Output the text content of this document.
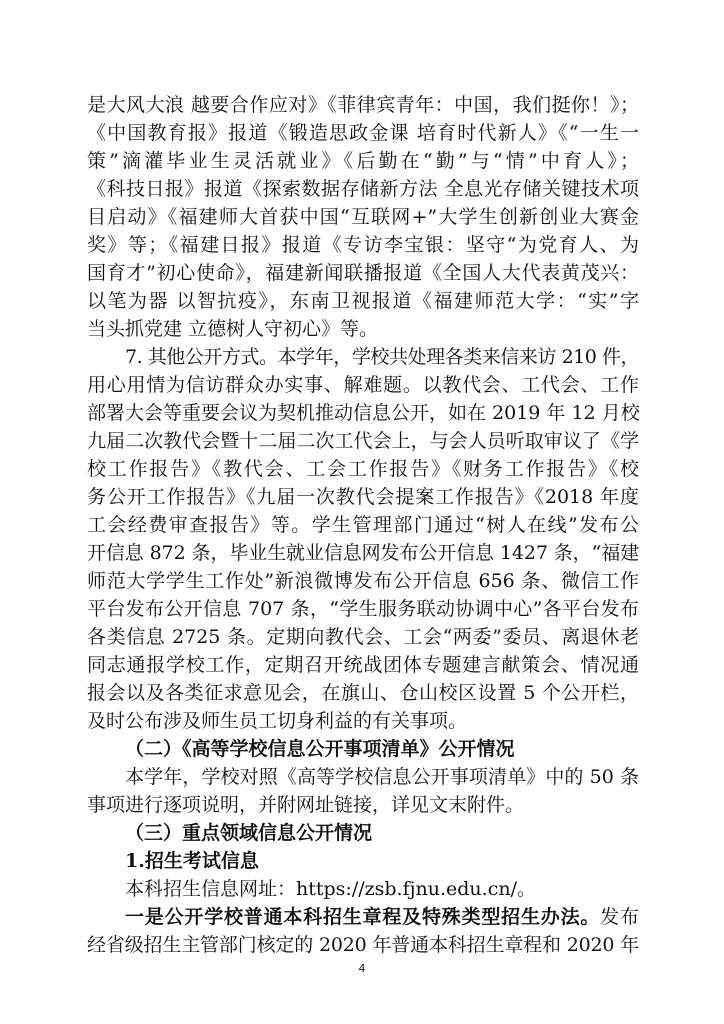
是大风大浪 越要合作应对》《菲律宾青年：中国，我们挺你！》；
《中国教育报》报道《锻造思政金课 培育时代新人》《“一生一
策”滴灌毕业生灵活就业》《后勤在“勤”与“情”中育人》；
《科技日报》报道《探索数据存储新方法 全息光存储关键技术项
目启动》《福建师大首获中国“互联网+”大学生创新创业大赛金
奖》等；《福建日报》报道《专访李宝银：坚守“为党育人、为
国育才”初心使命》，福建新闻联播报道《全国人大代表黄茂兴：
以笔为器 以智抗疫》，东南卫视报道《福建师范大学：“实”字
当头抓党建 立德树人守初心》等。
7. 其他公开方式。本学年，学校共处理各类来信来访 210 件，
用心用情为信访群众办实事、解难题。以教代会、工代会、工作
部署大会等重要会议为契机推动信息公开，如在 2019 年 12 月校
九届二次教代会暨十二届二次工代会上，与会人员听取审议了《学
校工作报告》《教代会、工会工作报告》《财务工作报告》《校
务公开工作报告》《九届一次教代会提案工作报告》《2018 年度
工会经费审查报告》等。学生管理部门通过“树人在线”发布公
开信息 872 条，毕业生就业信息网发布公开信息 1427 条，“福建
师范大学学生工作处”新浪微博发布公开信息 656 条、微信工作
平台发布公开信息 707 条，“学生服务联动协调中心”各平台发布
各类信息 2725 条。定期向教代会、工会“两委”委员、离退休老
同志通报学校工作，定期召开统战团体专题建言献策会、情况通
报会以及各类征求意见会，在旗山、仓山校区设置 5 个公开栏，
及时公布涉及师生员工切身利益的有关事项。
（二）《高等学校信息公开事项清单》公开情况
本学年，学校对照《高等学校信息公开事项清单》中的 50 条
事项进行逐项说明，并附网址链接，详见文末附件。
（三）重点领域信息公开情况
1.招生考试信息
本科招生信息网址：https://zsb.fjnu.edu.cn/。
一是公开学校普通本科招生章程及特殊类型招生办法。发布
经省级招生主管部门核定的 2020 年普通本科招生章程和 2020 年
4
